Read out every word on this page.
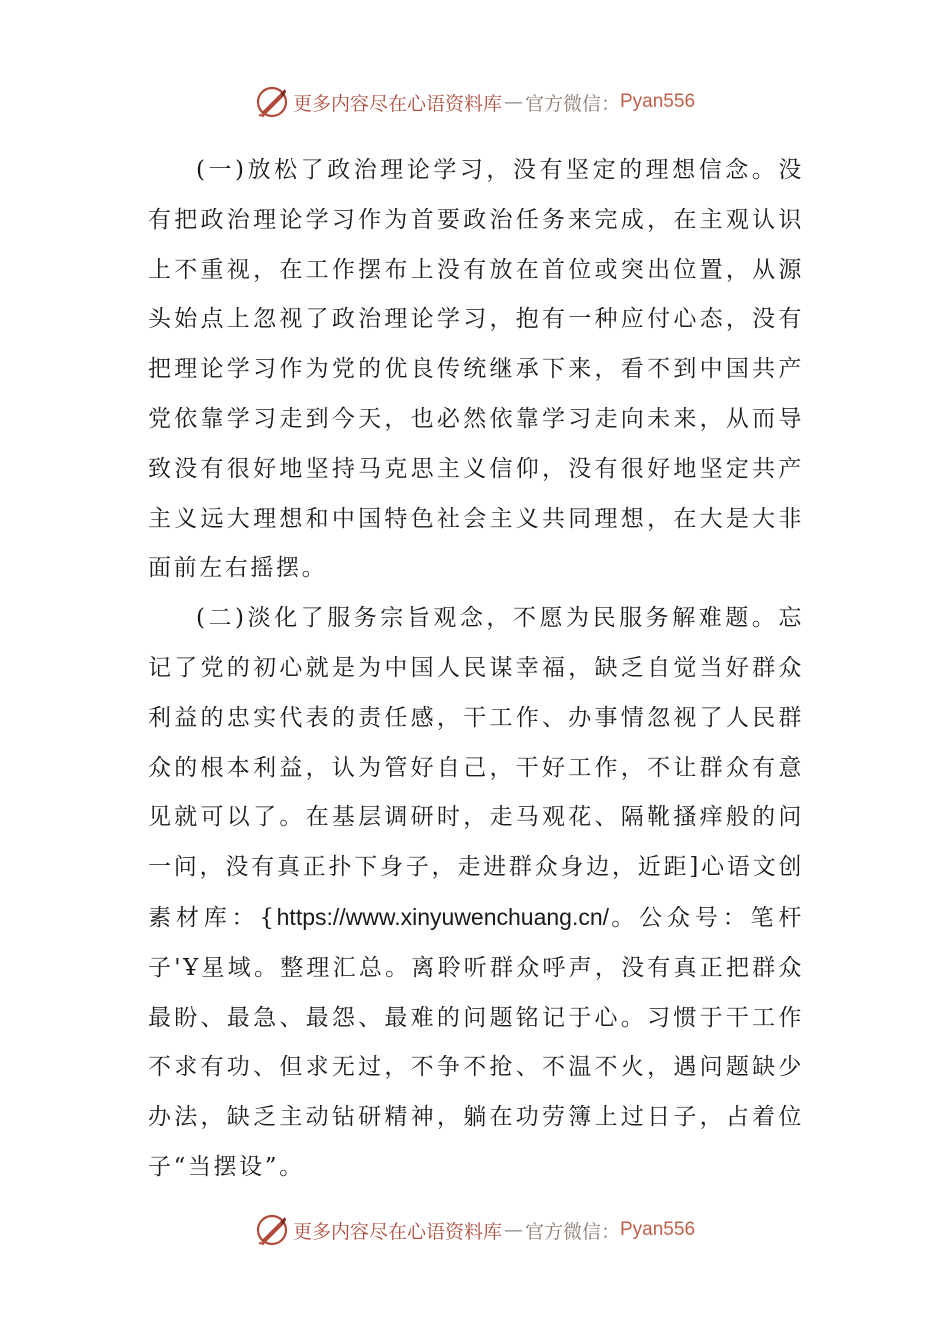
更多内容尽在心语资料库 — 官方微信： Pyan556

(一)放松了政治理论学习，没有坚定的理想信念。没有把政治理论学习作为首要政治任务来完成，在主观认识上不重视，在工作摆布上没有放在首位或突出位置，从源头始点上忽视了政治理论学习，抱有一种应付心态，没有把理论学习作为党的优良传统继承下来，看不到中国共产党依靠学习走到今天，也必然依靠学习走向未来，从而导致没有很好地坚持马克思主义信仰，没有很好地坚定共产主义远大理想和中国特色社会主义共同理想，在大是大非面前左右摇摆。

(二)淡化了服务宗旨观念，不愿为民服务解难题。忘记了党的初心就是为中国人民谋幸福，缺乏自觉当好群众利益的忠实代表的责任感，干工作、办事情忽视了人民群众的根本利益，认为管好自己，干好工作，不让群众有意见就可以了。在基层调研时，走马观花、隔靴搔痒般的问一问，没有真正扑下身子，走进群众身边，近距]心语文创素材库：{https://www.xinyuwenchuang.cn/。公众号：笔杆子'Ұ星域。整理汇总。离聆听群众呼声，没有真正把群众最盼、最急、最怨、最难的问题铭记于心。习惯于干工作不求有功、但求无过，不争不抢、不温不火，遇问题缺少办法，缺乏主动钻研精神，躺在功劳簿上过日子，占着位子“当摆设”。

更多内容尽在心语资料库 — 官方微信： Pyan556
